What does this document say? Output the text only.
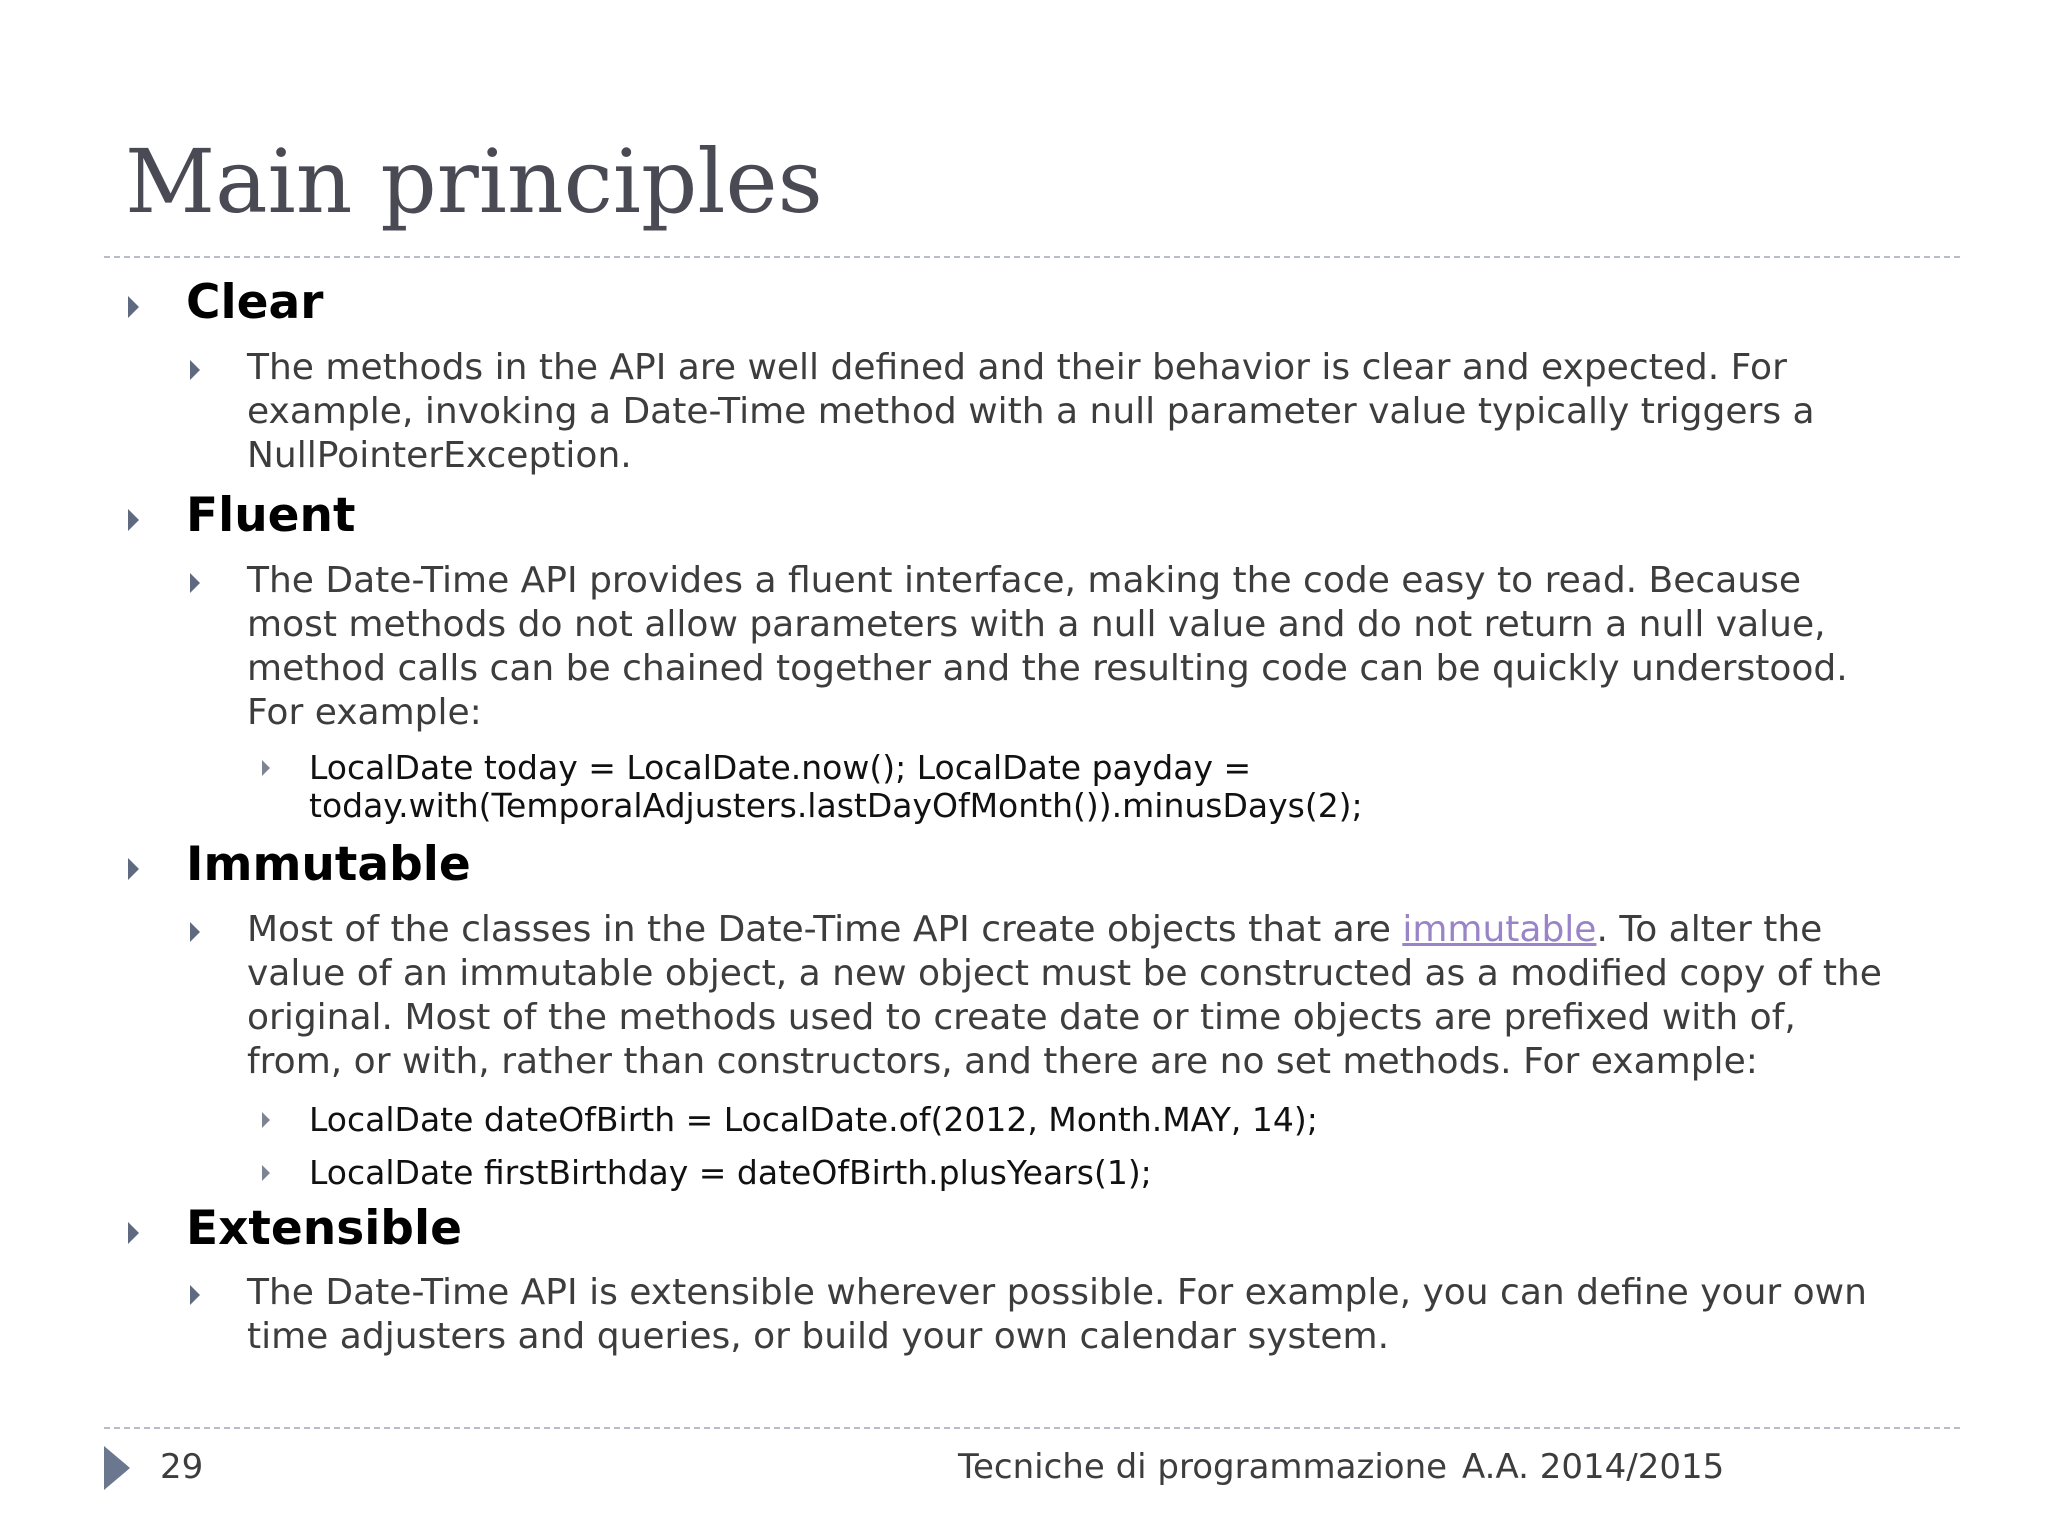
Main principles

Clear

The methods in the API are well defined and their behavior is clear and expected. For
example, invoking a Date-Time method with a null parameter value typically triggers a
NullPointerException.

Fluent

The Date-Time API provides a fluent interface, making the code easy to read. Because
most methods do not allow parameters with a null value and do not return a null value,
method calls can be chained together and the resulting code can be quickly understood.
For example:

LocalDate today = LocalDate.now(); LocalDate payday =
today.with(TemporalAdjusters.lastDayOfMonth()).minusDays(2);

Immutable

Most of the classes in the Date-Time API create objects that are immutable. To alter the
value of an immutable object, a new object must be constructed as a modified copy of the
original. Most of the methods used to create date or time objects are prefixed with of,
from, or with, rather than constructors, and there are no set methods. For example:

LocalDate dateOfBirth = LocalDate.of(2012, Month.MAY, 14);

LocalDate firstBirthday = dateOfBirth.plusYears(1);

Extensible

The Date-Time API is extensible wherever possible. For example, you can define your own
time adjusters and queries, or build your own calendar system.

29	Tecniche di programmazione A.A. 2014/2015
